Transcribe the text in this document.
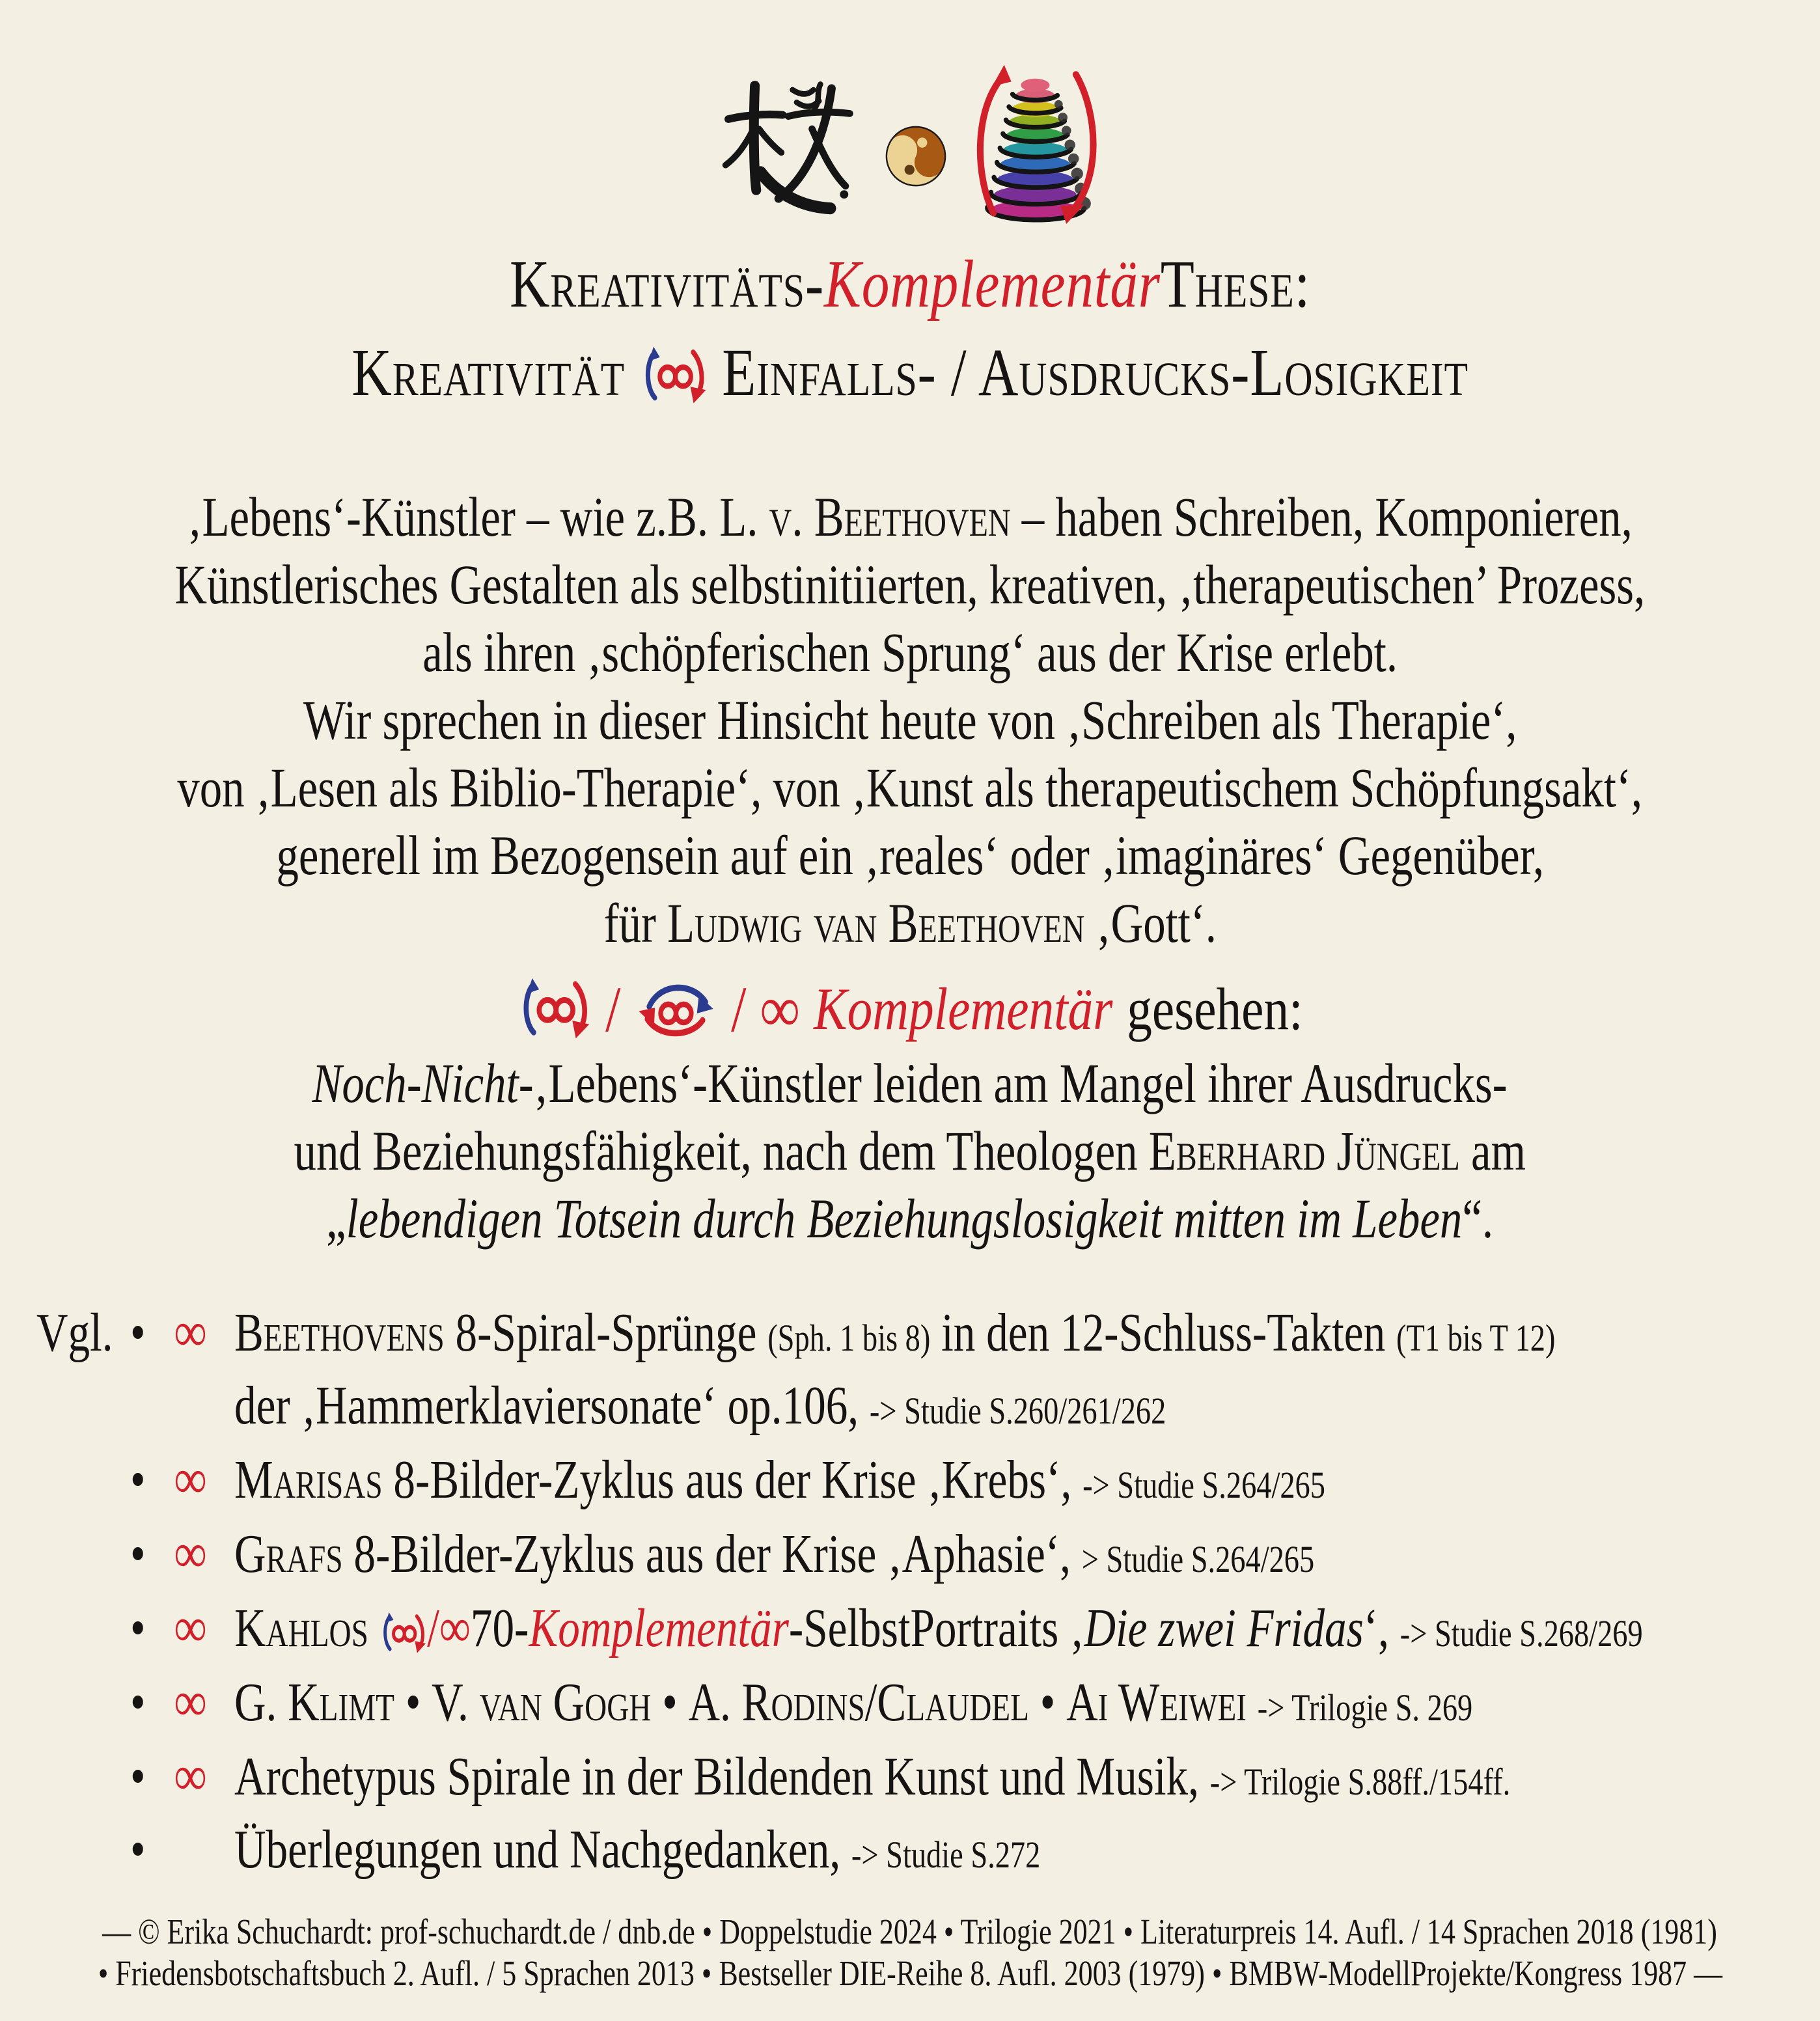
Kreativitäts-KomplementärThese:
Kreativität Einfalls- / Ausdrucks-Losigkeit
‚Lebens‘-Künstler – wie z.B. L. v. Beethoven – haben Schreiben, Komponieren,
Künstlerisches Gestalten als selbstinitiierten, kreativen, ‚therapeutischen’ Prozess,
als ihren ‚schöpferischen Sprung‘ aus der Krise erlebt.
Wir sprechen in dieser Hinsicht heute von ‚Schreiben als Therapie‘,
von ‚Lesen als Biblio-Therapie‘, von ‚Kunst als therapeutischem Schöpfungsakt‘,
generell im Bezogensein auf ein ‚reales‘ oder ‚imaginäres‘ Gegenüber,
für Ludwig van Beethoven ‚Gott‘.
/ / ∞ Komplementär gesehen:
Noch-Nicht-‚Lebens‘-Künstler leiden am Mangel ihrer Ausdrucks-
und Beziehungsfähigkeit, nach dem Theologen Eberhard Jüngel am
„lebendigen Totsein durch Beziehungslosigkeit mitten im Leben“.
Vgl. • ∞ Beethovens 8-Spiral-Sprünge (Sph. 1 bis 8) in den 12-Schluss-Takten (T1 bis T 12)
der ‚Hammerklaviersonate‘ op.106, -> Studie S.260/261/262
• ∞ Marisas 8-Bilder-Zyklus aus der Krise ‚Krebs‘, -> Studie S.264/265
• ∞ Grafs 8-Bilder-Zyklus aus der Krise ‚Aphasie‘, > Studie S.264/265
• ∞ Kahlos /∞70-Komplementär-SelbstPortraits ‚Die zwei Fridas‘, -> Studie S.268/269
• ∞ G. Klimt • V. van Gogh • A. Rodins/Claudel • Ai Weiwei -> Trilogie S. 269
• ∞ Archetypus Spirale in der Bildenden Kunst und Musik, -> Trilogie S.88ff./154ff.
• Überlegungen und Nachgedanken, -> Studie S.272
— © Erika Schuchardt: prof-schuchardt.de / dnb.de • Doppelstudie 2024 • Trilogie 2021 • Literaturpreis 14. Aufl. / 14 Sprachen 2018 (1981)
• Friedensbotschaftsbuch 2. Aufl. / 5 Sprachen 2013 • Bestseller DIE-Reihe 8. Aufl. 2003 (1979) • BMBW-ModellProjekte/Kongress 1987 —
